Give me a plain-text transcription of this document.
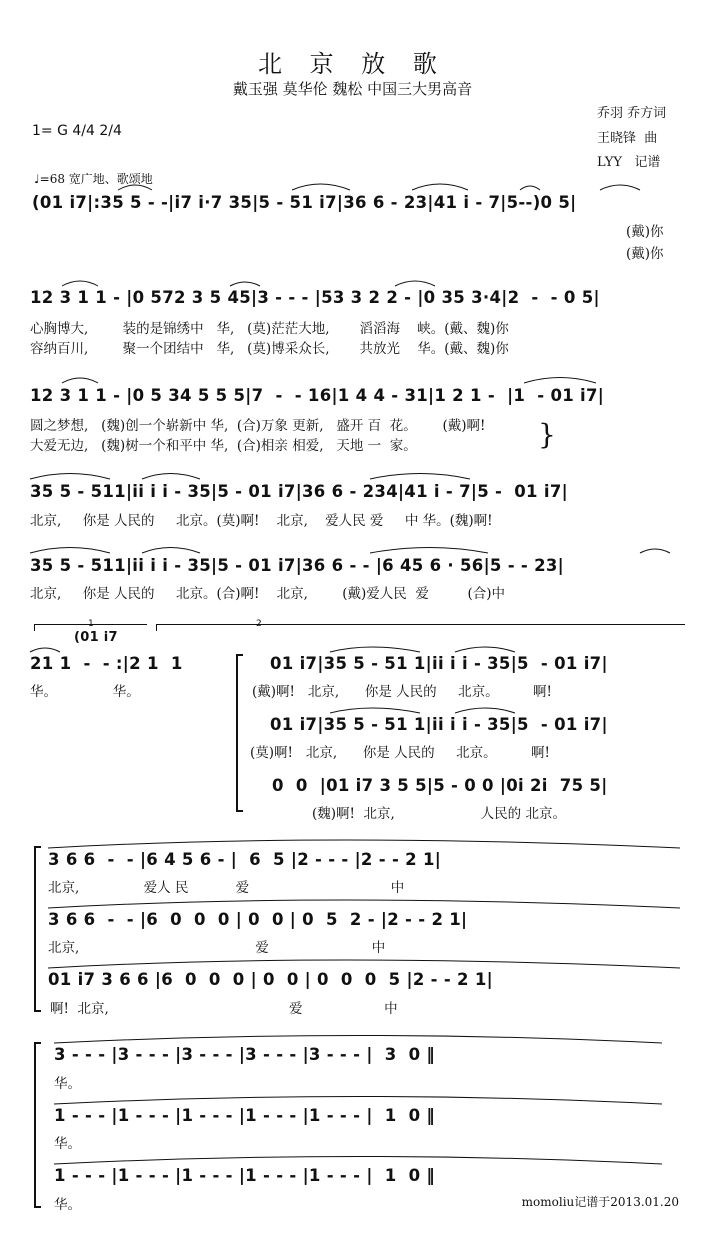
北 京 放 歌
戴玉强 莫华伦 魏松 中国三大男高音
乔羽 乔方词
王晓锋  曲
LYY   记谱
1= G 4/4 2/4
♩=68 宽广地、歌颂地
(01 i7|:35 5 - -|i7 i·7 35|5 - 51 i7|36 6 - 23|41 i - 7|5--)0 5|
(戴)你
(戴)你
12 3 1 1 - |0 572 3 5 45|3 - - - |53 3 2 2 - |0 35 3·4|2  -  - 0 5|
心胸博大,        装的是锦绣中   华,   (莫)茫茫大地,       滔滔海    峡。(戴、魏)你
容纳百川,        聚一个团结中   华,   (莫)博采众长,       共放光    华。(戴、魏)你
12 3 1 1 - |0 5 34 5 5 5|7  -  - 16|1 4 4 - 31|1 2 1 -  |1  - 01 i7|
圆之梦想,   (魏)创一个崭新中 华,  (合)万象 更新,   盛开 百  花。      (戴)啊!
大爱无边,   (魏)树一个和平中 华,  (合)相亲 相爱,   天地 一  家。	}
35 5 - 511|ii i i - 35|5 - 01 i7|36 6 - 234|41 i - 7|5 -  01 i7|
北京,     你是 人民的     北京。(莫)啊!    北京,    爱人民 爱     中 华。(魏)啊!
35 5 - 511|ii i i - 35|5 - 01 i7|36 6 - - |6 45 6 · 56|5 - - 23|
北京,     你是 人民的     北京。(合)啊!    北京,        (戴)爱人民  爱         (合)中
1	2
(01 i7
21 1  -  - :|2 1  1
华。             华。
01 i7|35 5 - 51 1|ii i i - 35|5  - 01 i7|
(戴)啊!   北京,      你是 人民的     北京。        啊!
01 i7|35 5 - 51 1|ii i i - 35|5  - 01 i7|
(莫)啊!   北京,      你是 人民的     北京。        啊!
0  0  |01 i7 3 5 5|5 - 0 0 |0i 2i  75 5|
(魏)啊!  北京,                    人民的 北京。
3 6 6  -  - |6 4 5 6 - |  6  5 |2 - - - |2 - - 2 1|
北京,               爱人 民           爱                                 中
3 6 6  -  - |6  0  0  0 | 0  0 | 0  5  2 - |2 - - 2 1|
北京,                                         爱                        中
01 i7 3 6 6 |6  0  0  0 | 0  0 | 0  0  0  5 |2 - - 2 1|
啊!  北京,                                          爱                   中
3 - - - |3 - - - |3 - - - |3 - - - |3 - - - |  3  0 ‖
华。
1 - - - |1 - - - |1 - - - |1 - - - |1 - - - |  1  0 ‖
华。
1 - - - |1 - - - |1 - - - |1 - - - |1 - - - |  1  0 ‖
华。	momoliu记谱于2013.01.20
